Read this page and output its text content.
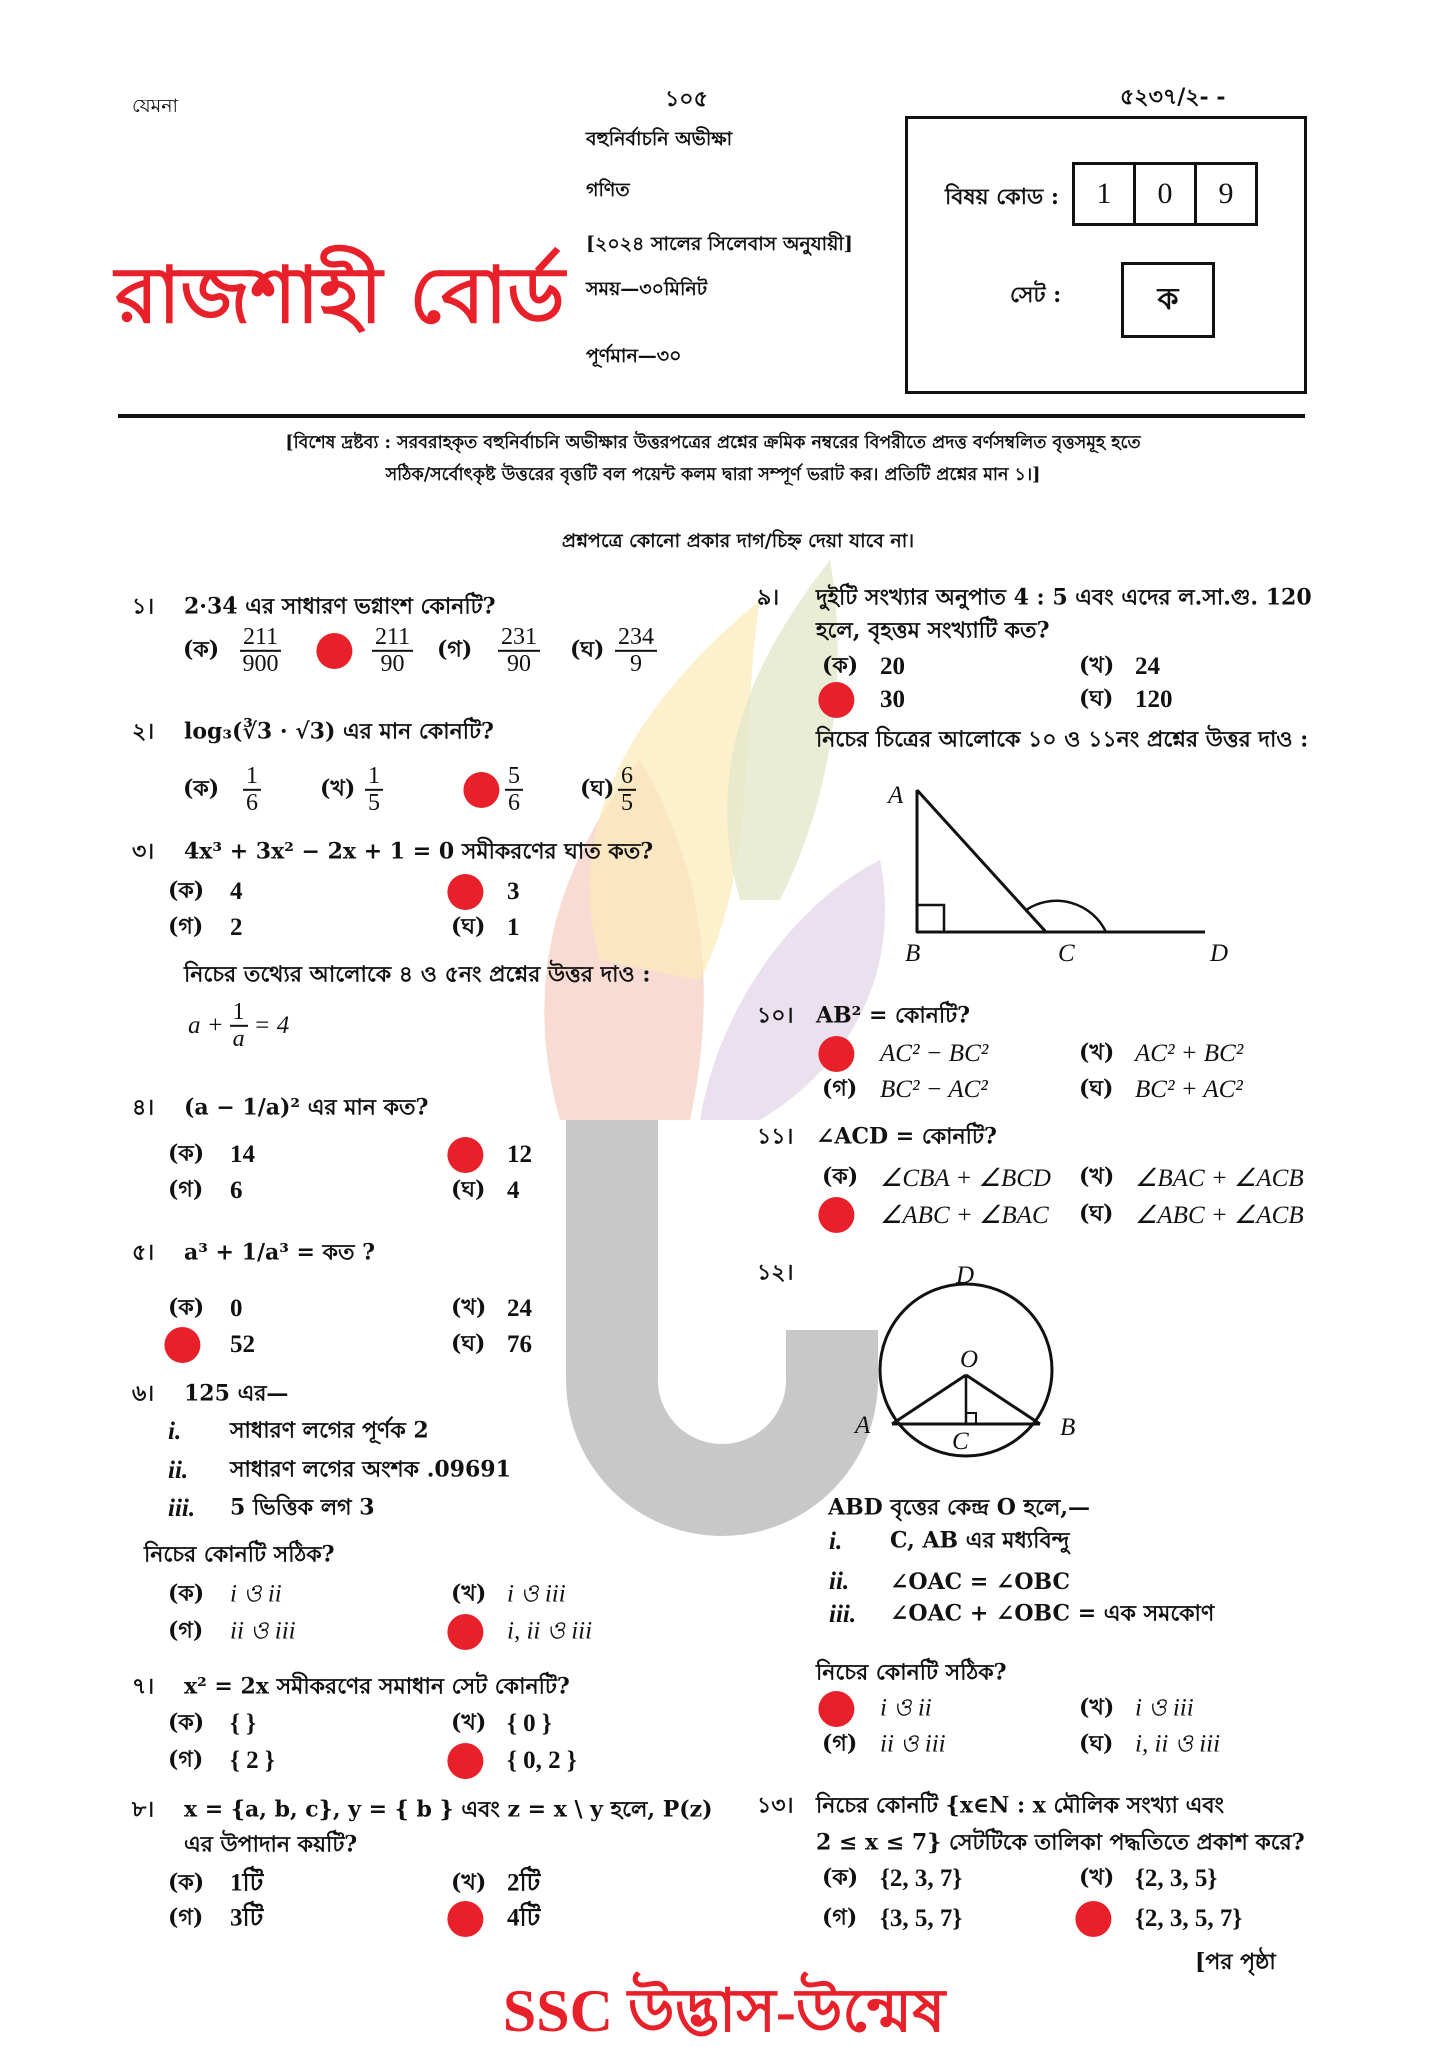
যেমনা	১০৫	৫২৩৭/২- -
বহুনির্বাচনি অভীক্ষা
গণিত
[২০২৪ সালের সিলেবাস অনুযায়ী]
সময়—৩০মিনিট
পূর্ণমান—৩০
রাজশাহী বোর্ড
বিষয় কোড :	1	0	9
সেট :	ক
[বিশেষ দ্রষ্টব্য : সরবরাহকৃত বহুনির্বাচনি অভীক্ষার উত্তরপত্রের প্রশ্নের ক্রমিক নম্বরের বিপরীতে প্রদত্ত বর্ণসম্বলিত বৃত্তসমূহ হতে
সঠিক/সর্বোৎকৃষ্ট উত্তরের বৃত্তটি বল পয়েন্ট কলম দ্বারা সম্পূর্ণ ভরাট কর। প্রতিটি প্রশ্নের মান ১।]
প্রশ্নপত্রে কোনো প্রকার দাগ/চিহ্ন দেয়া যাবে না।
নিচের তথ্যের আলোকে ৪ ও ৫নং প্রশ্নের উত্তর দাও :
$a + \frac{1}{a} = 4$
নিচের চিত্রের আলোকে ১০ ও ১১নং প্রশ্নের উত্তর দাও :
A
B	C	D
D
O
A
C
B
[পর পৃষ্ঠা
SSC উদ্ভাস-উন্মেষ
১। 2·34̇ এর সাধারণ ভগ্নাংশ কোনটি?
(ক) $\frac{211}{900}$	$\frac{211}{90}$ (গ) $\frac{231}{90}$ (ঘ) $\frac{234}{9}$
২। log₃(∛3 · √3) এর মান কোনটি?
(ক) $\frac{1}{6}$	(খ) $\frac{1}{5}$	$\frac{5}{6}$	(ঘ) $\frac{6}{5}$
৩। 4x³ + 3x² − 2x + 1 = 0 সমীকরণের ঘাত কত?
(ক) 4	3
(গ) 2	(ঘ) 1
৪। (a − 1/a)² এর মান কত?
(ক) 14	12
(গ) 6	(ঘ) 4
৫। a³ + 1/a³ = কত ?
(ক) 0	(খ) 24
52	(ঘ) 76
৬। 125 এর—
i. সাধারণ লগের পূর্ণক 2
ii. সাধারণ লগের অংশক .09691
iii. 5 ভিত্তিক লগ 3
নিচের কোনটি সঠিক?
(ক) i ও ii	(খ) i ও iii
(গ) ii ও iii	i, ii ও iii
৭। x² = 2x সমীকরণের সমাধান সেট কোনটি?
(ক) { }	(খ) { 0 }
(গ) { 2 }	{ 0, 2 }
৮। x = {a, b, c}, y = { b } এবং z = x \ y হলে, P(z)
এর উপাদান কয়টি?
(ক) 1টি	(খ) 2টি
(গ) 3টি	4টি
৯। দুইটি সংখ্যার অনুপাত 4 : 5 এবং এদের ল.সা.গু. 120
হলে, বৃহত্তম সংখ্যাটি কত?
(ক) 20	(খ) 24
30	(ঘ) 120
১০। AB² = কোনটি?
AC² − BC²	(খ) AC² + BC²
(গ) BC² − AC²	(ঘ) BC² + AC²
১১। ∠ACD = কোনটি?
(ক) ∠CBA + ∠BCD (খ) ∠BAC + ∠ACB
∠ABC + ∠BAC (ঘ) ∠ABC + ∠ACB
১২।
ABD বৃত্তের কেন্দ্র O হলে,—
i. C, AB এর মধ্যবিন্দু
ii. ∠OAC = ∠OBC
iii. ∠OAC + ∠OBC = এক সমকোণ
নিচের কোনটি সঠিক?
i ও ii	(খ) i ও iii
(গ) ii ও iii	(ঘ) i, ii ও iii
১৩। নিচের কোনটি {x∈N : x মৌলিক সংখ্যা এবং
2 ≤ x ≤ 7} সেটটিকে তালিকা পদ্ধতিতে প্রকাশ করে?
(ক) {2, 3, 7}	(খ) {2, 3, 5}
(গ) {3, 5, 7}	{2, 3, 5, 7}
